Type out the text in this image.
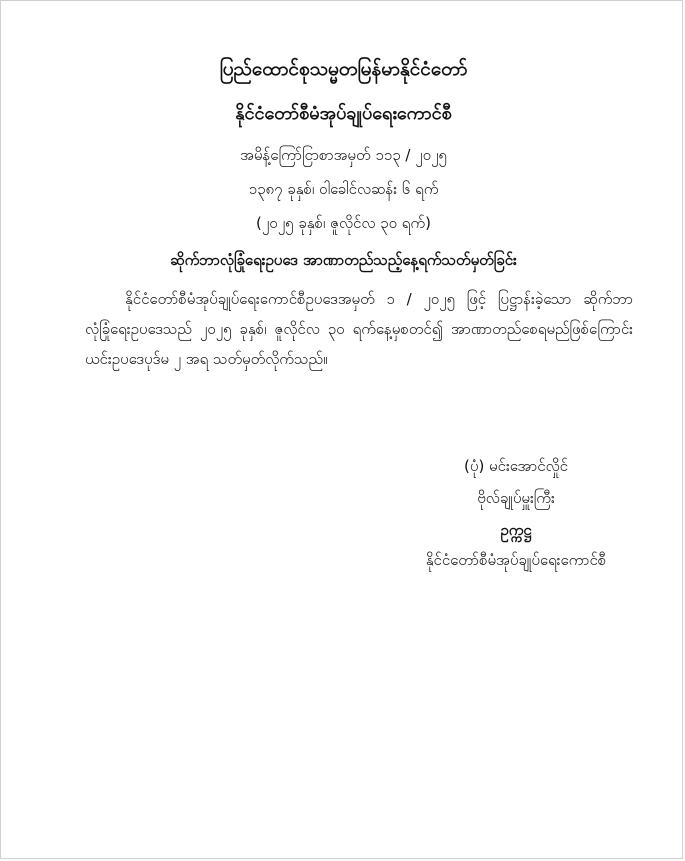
ပြည်ထောင်စုသမ္မတမြန်မာနိုင်ငံတော်
နိုင်ငံတော်စီမံအုပ်ချုပ်ရေးကောင်စီ
အမိန့်ကြော်ငြာစာအမှတ် ၁၁၃ / ၂၀၂၅
၁၃၈၇ ခုနှစ်၊ ဝါခေါင်လဆန်း ၆ ရက်
(၂၀၂၅ ခုနှစ်၊ ဇူလိုင်လ ၃၀ ရက်)
ဆိုက်ဘာလုံခြုံရေးဥပဒေ အာဏာတည်သည့်နေ့ရက်သတ်မှတ်ခြင်း

နိုင်ငံတော်စီမံအုပ်ချုပ်ရေးကောင်စီဥပဒေအမှတ် ၁ / ၂၀၂၅ ဖြင့် ပြဋ္ဌာန်းခဲ့သော ဆိုက်ဘာလုံခြုံရေးဥပဒေသည် ၂၀၂၅ ခုနှစ်၊ ဇူလိုင်လ ၃၀ ရက်နေ့မှစတင်၍ အာဏာတည်စေရမည်ဖြစ်ကြောင်း ယင်းဥပဒေပုဒ်မ ၂ အရ သတ်မှတ်လိုက်သည်။

(ပုံ) မင်းအောင်လှိုင်
ဗိုလ်ချုပ်မှူးကြီး
ဥက္ကဋ္ဌ
နိုင်ငံတော်စီမံအုပ်ချုပ်ရေးကောင်စီ
